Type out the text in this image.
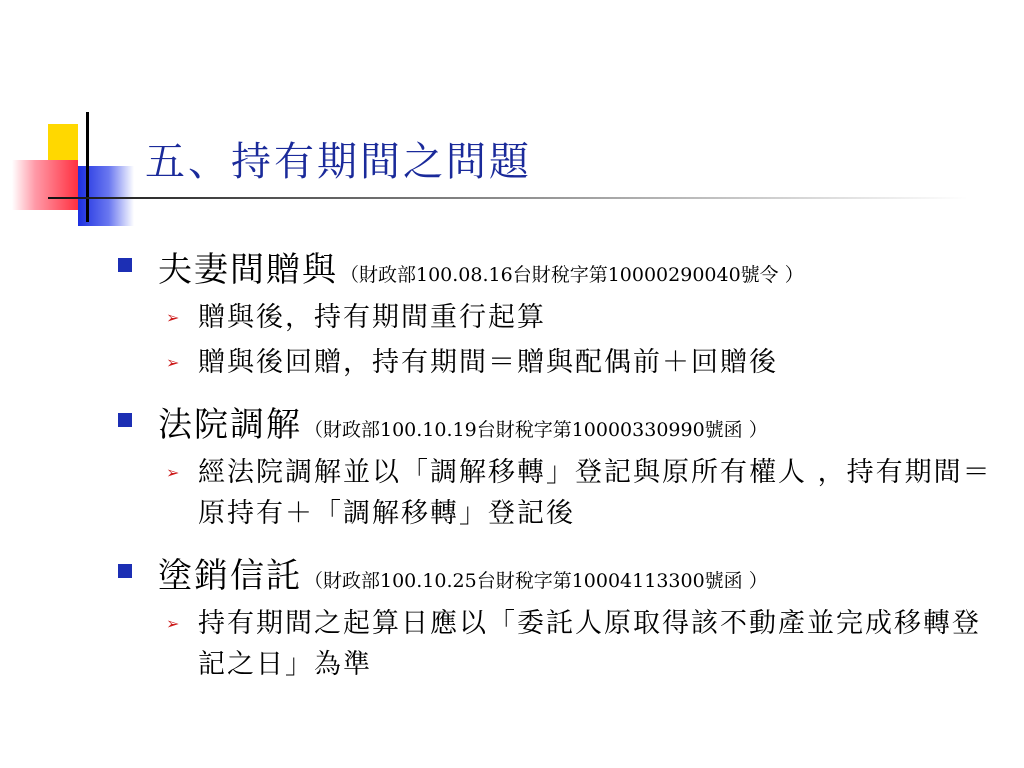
五、持有期間之問題
夫妻間贈與 （財政部100.08.16台財稅字第10000290040號令 ）
➢ 贈與後，持有期間重行起算
➢ 贈與後回贈，持有期間＝贈與配偶前＋回贈後
法院調解 （財政部100.10.19台財稅字第10000330990號函 ）
➢ 經法院調解並以「調解移轉」登記與原所有權人 ，持有期間＝原持有＋「調解移轉」登記後
塗銷信託 （財政部100.10.25台財稅字第10004113300號函 ）
➢ 持有期間之起算日應以「委託人原取得該不動產並完成移轉登記之日」為準
